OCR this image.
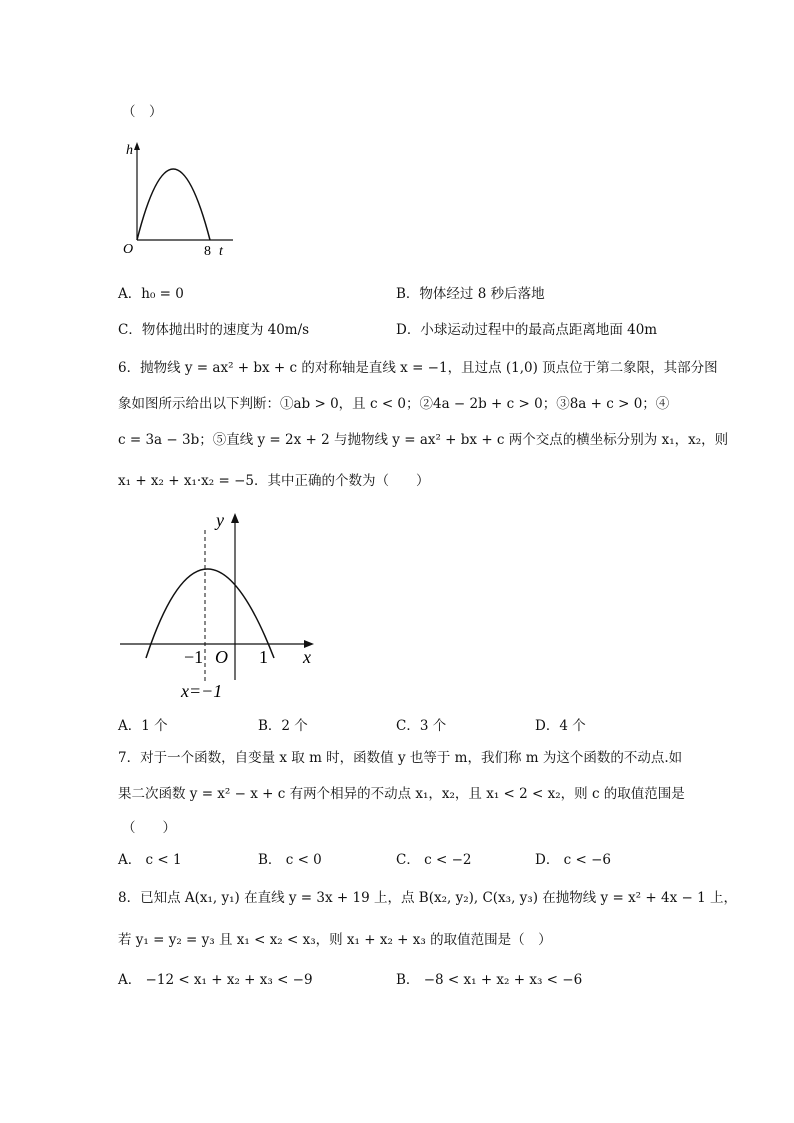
（　）
h
O	8 t
A．h₀ = 0	B．物体经过 8 秒后落地
C．物体抛出时的速度为 40m/s	D．小球运动过程中的最高点距离地面 40m
6．抛物线 y = ax² + bx + c 的对称轴是直线 x = −1，且过点 (1,0) 顶点位于第二象限，其部分图
象如图所示给出以下判断：①ab > 0，且 c < 0；②4a − 2b + c > 0；③8a + c > 0；④
c = 3a − 3b；⑤直线 y = 2x + 2 与抛物线 y = ax² + bx + c 两个交点的横坐标分别为 x₁，x₂，则
x₁ + x₂ + x₁·x₂ = −5．其中正确的个数为（　　）
y
x
−1 O 1
x=−1
A．1 个	B．2 个	C．3 个	D．4 个
7．对于一个函数，自变量 x 取 m 时，函数值 y 也等于 m，我们称 m 为这个函数的不动点.如
果二次函数 y = x² − x + c 有两个相异的不动点 x₁，x₂，且 x₁ < 2 < x₂，则 c 的取值范围是
（　　）
A． c < 1	B． c < 0	C． c < −2	D． c < −6
8．已知点 A(x₁, y₁) 在直线 y = 3x + 19 上，点 B(x₂, y₂), C(x₃, y₃) 在抛物线 y = x² + 4x − 1 上，
若 y₁ = y₂ = y₃ 且 x₁ < x₂ < x₃，则 x₁ + x₂ + x₃ 的取值范围是（　）
A． −12 < x₁ + x₂ + x₃ < −9	B． −8 < x₁ + x₂ + x₃ < −6
